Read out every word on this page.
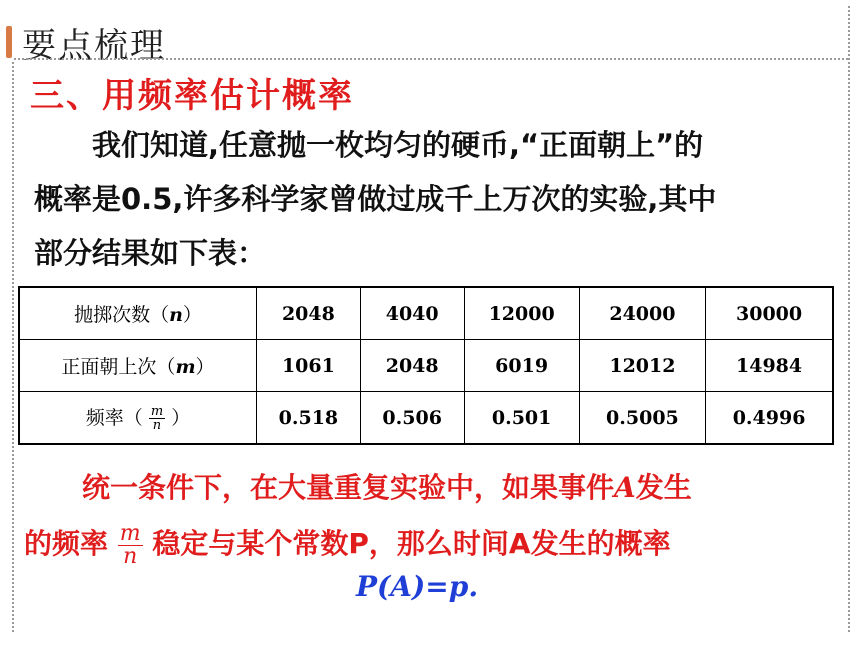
要点梳理
三、用频率估计概率
我们知道,任意抛一枚均匀的硬币,“正面朝上”的
概率是0.5,许多科学家曾做过成千上万次的实验,其中
部分结果如下表：
抛掷次数（n）	2048	4040	12000	24000	30000
正面朝上次（m）	1061	2048	6019	12012	14984
频率（ $\frac{m}{n}$ ）	0.518	0.506	0.501	0.5005	0.4996
统一条件下，在大量重复实验中，如果事件A发生
的频率 $\frac{m}{n}$ 稳定与某个常数P，那么时间A发生的概率
P(A)=p.
